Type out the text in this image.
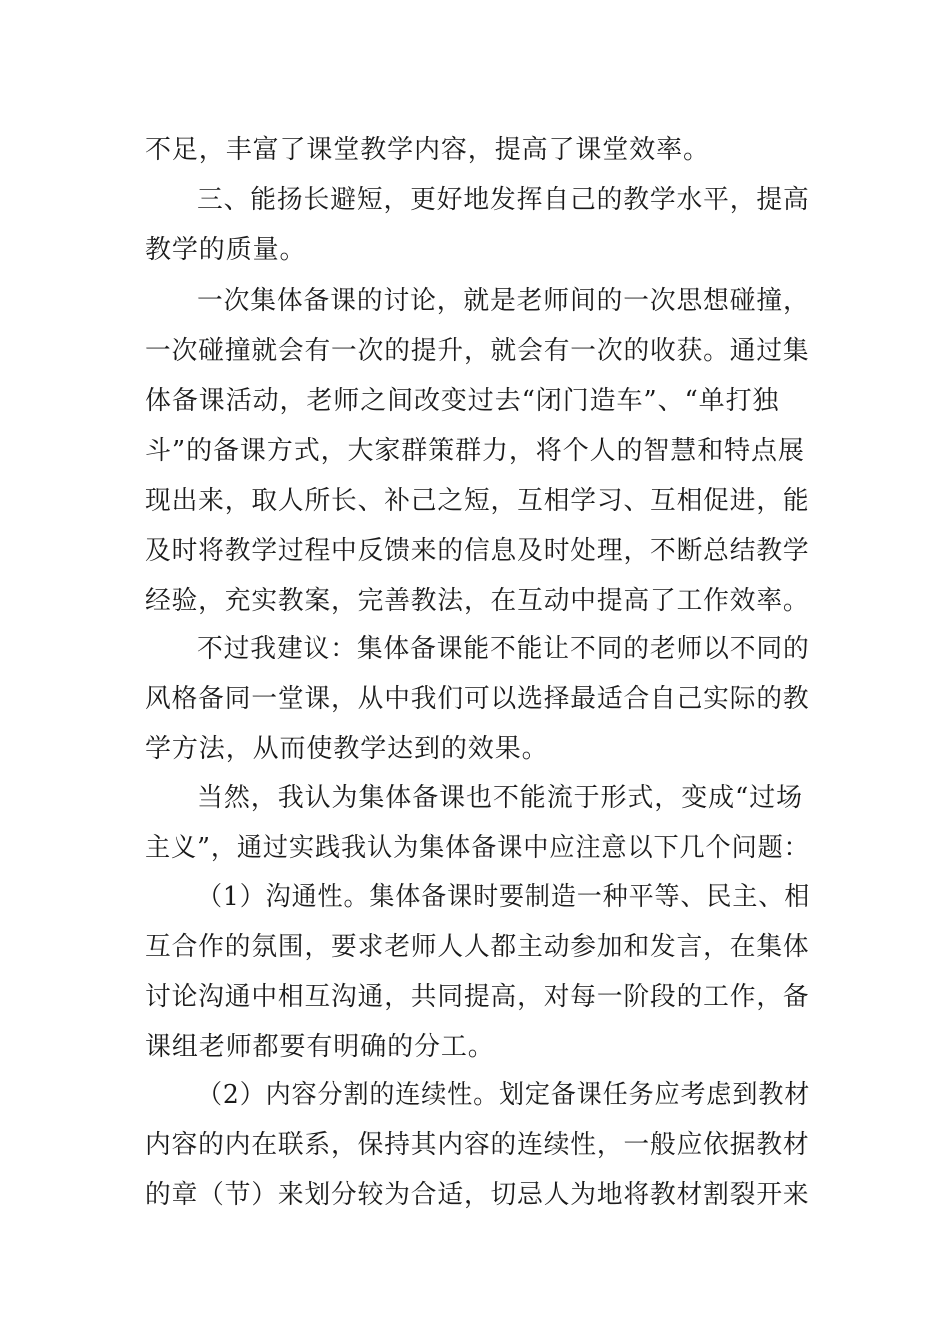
不足，丰富了课堂教学内容，提高了课堂效率。
三、能扬长避短，更好地发挥自己的教学水平，提高
教学的质量。
一次集体备课的讨论，就是老师间的一次思想碰撞，
一次碰撞就会有一次的提升，就会有一次的收获。通过集
体备课活动，老师之间改变过去“闭门造车”、“单打独
斗”的备课方式，大家群策群力，将个人的智慧和特点展
现出来，取人所长、补己之短，互相学习、互相促进，能
及时将教学过程中反馈来的信息及时处理，不断总结教学
经验，充实教案，完善教法，在互动中提高了工作效率。
不过我建议：集体备课能不能让不同的老师以不同的
风格备同一堂课，从中我们可以选择最适合自己实际的教
学方法，从而使教学达到的效果。
当然，我认为集体备课也不能流于形式，变成“过场
主义”，通过实践我认为集体备课中应注意以下几个问题：
（1）沟通性。集体备课时要制造一种平等、民主、相
互合作的氛围，要求老师人人都主动参加和发言，在集体
讨论沟通中相互沟通，共同提高，对每一阶段的工作，备
课组老师都要有明确的分工。
（2）内容分割的连续性。划定备课任务应考虑到教材
内容的内在联系，保持其内容的连续性，一般应依据教材
的章（节）来划分较为合适，切忌人为地将教材割裂开来
